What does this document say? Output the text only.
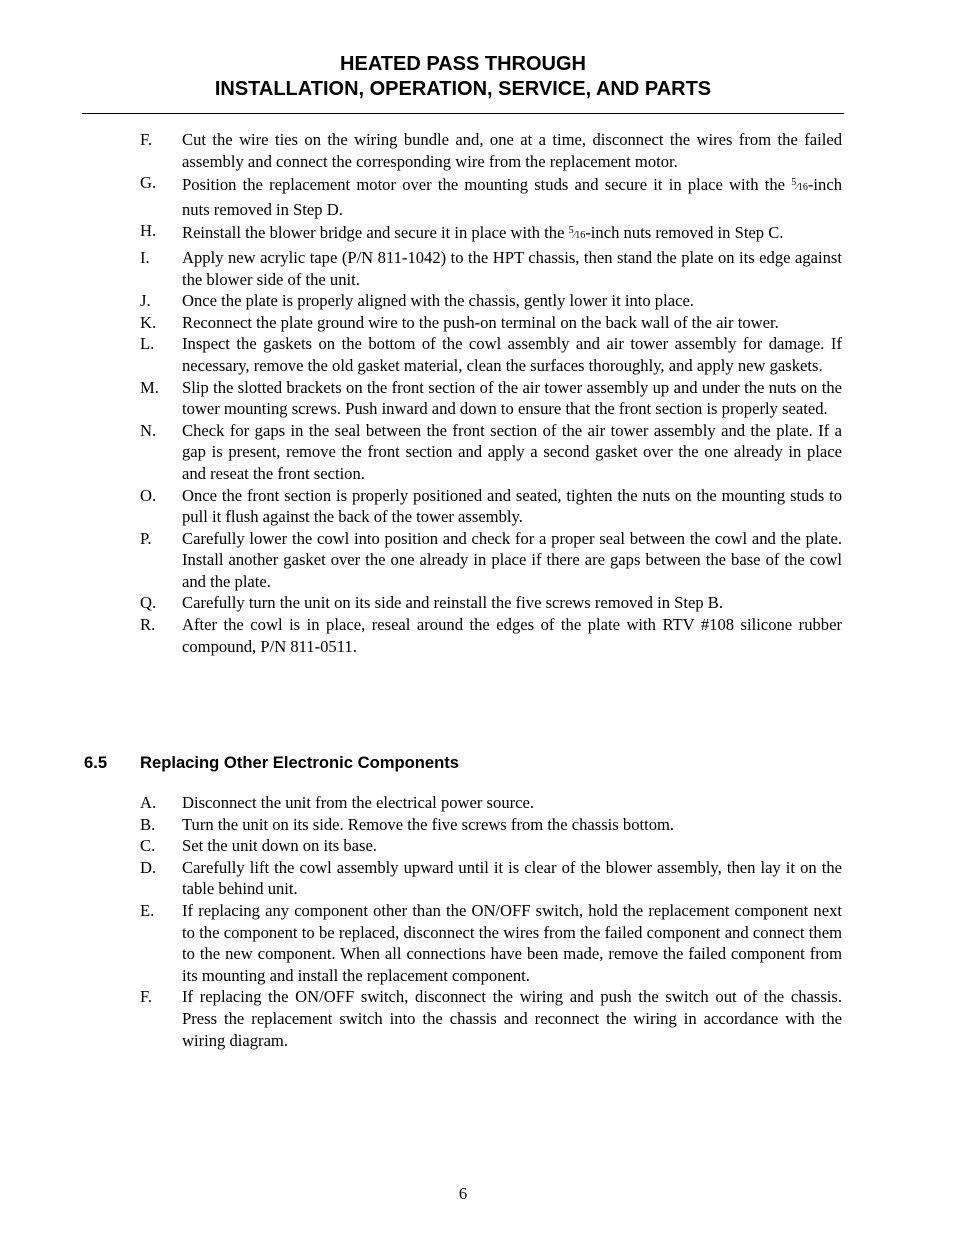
HEATED PASS THROUGH
INSTALLATION, OPERATION, SERVICE, AND PARTS
F. Cut the wire ties on the wiring bundle and, one at a time, disconnect the wires from the failed assembly and connect the corresponding wire from the replacement motor.
G. Position the replacement motor over the mounting studs and secure it in place with the 5⁄16-inch nuts removed in Step D.
H. Reinstall the blower bridge and secure it in place with the 5⁄16-inch nuts removed in Step C.
I. Apply new acrylic tape (P/N 811-1042) to the HPT chassis, then stand the plate on its edge against the blower side of the unit.
J. Once the plate is properly aligned with the chassis, gently lower it into place.
K. Reconnect the plate ground wire to the push-on terminal on the back wall of the air tower.
L. Inspect the gaskets on the bottom of the cowl assembly and air tower assembly for damage. If necessary, remove the old gasket material, clean the surfaces thoroughly, and apply new gaskets.
M. Slip the slotted brackets on the front section of the air tower assembly up and under the nuts on the tower mounting screws. Push inward and down to ensure that the front section is properly seated.
N. Check for gaps in the seal between the front section of the air tower assembly and the plate. If a gap is present, remove the front section and apply a second gasket over the one already in place and reseat the front section.
O. Once the front section is properly positioned and seated, tighten the nuts on the mounting studs to pull it flush against the back of the tower assembly.
P. Carefully lower the cowl into position and check for a proper seal between the cowl and the plate. Install another gasket over the one already in place if there are gaps between the base of the cowl and the plate.
Q. Carefully turn the unit on its side and reinstall the five screws removed in Step B.
R. After the cowl is in place, reseal around the edges of the plate with RTV #108 silicone rubber compound, P/N 811-0511.
6.5 Replacing Other Electronic Components
A. Disconnect the unit from the electrical power source.
B. Turn the unit on its side. Remove the five screws from the chassis bottom.
C. Set the unit down on its base.
D. Carefully lift the cowl assembly upward until it is clear of the blower assembly, then lay it on the table behind unit.
E. If replacing any component other than the ON/OFF switch, hold the replacement component next to the component to be replaced, disconnect the wires from the failed component and connect them to the new component. When all connections have been made, remove the failed component from its mounting and install the replacement component.
F. If replacing the ON/OFF switch, disconnect the wiring and push the switch out of the chassis. Press the replacement switch into the chassis and reconnect the wiring in accordance with the wiring diagram.
6
